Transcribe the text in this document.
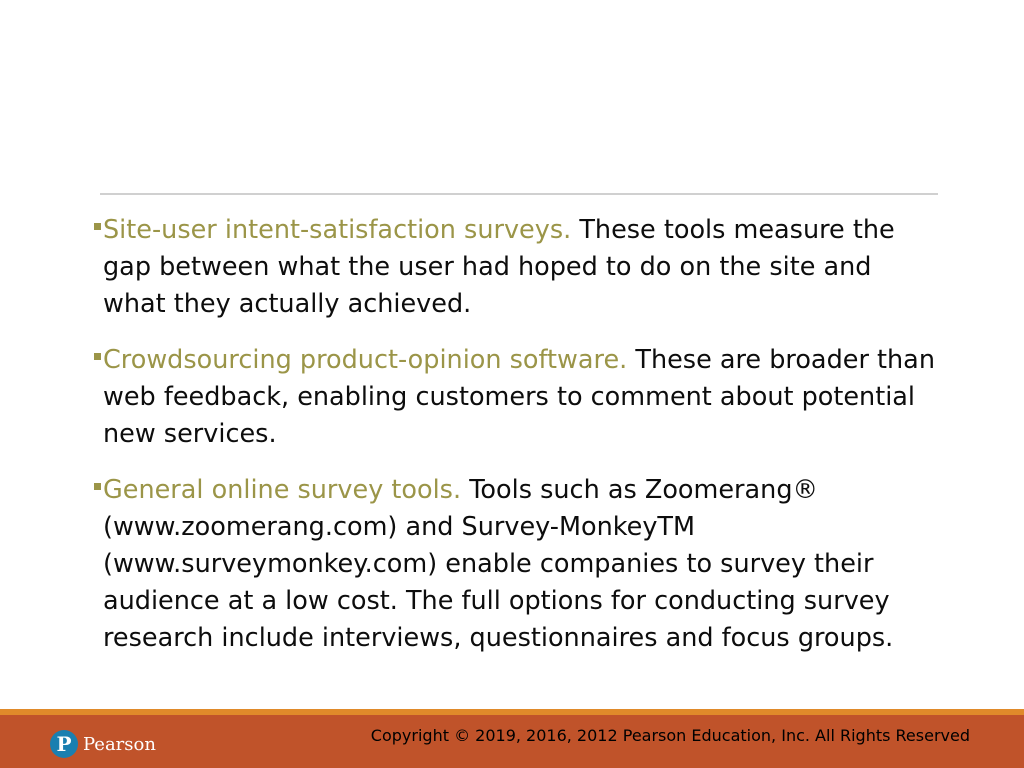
Site-user intent-satisfaction surveys. These tools measure the gap between what the user had hoped to do on the site and what they actually achieved.
Crowdsourcing product-opinion software. These are broader than web feedback, enabling customers to comment about potential new services.
General online survey tools. Tools such as Zoomerang® (www.zoomerang.com) and Survey-MonkeyTM (www.surveymonkey.com) enable companies to survey their audience at a low cost. The full options for conducting survey research include interviews, questionnaires and focus groups.
P Pearson	Copyright © 2019, 2016, 2012 Pearson Education, Inc. All Rights Reserved
